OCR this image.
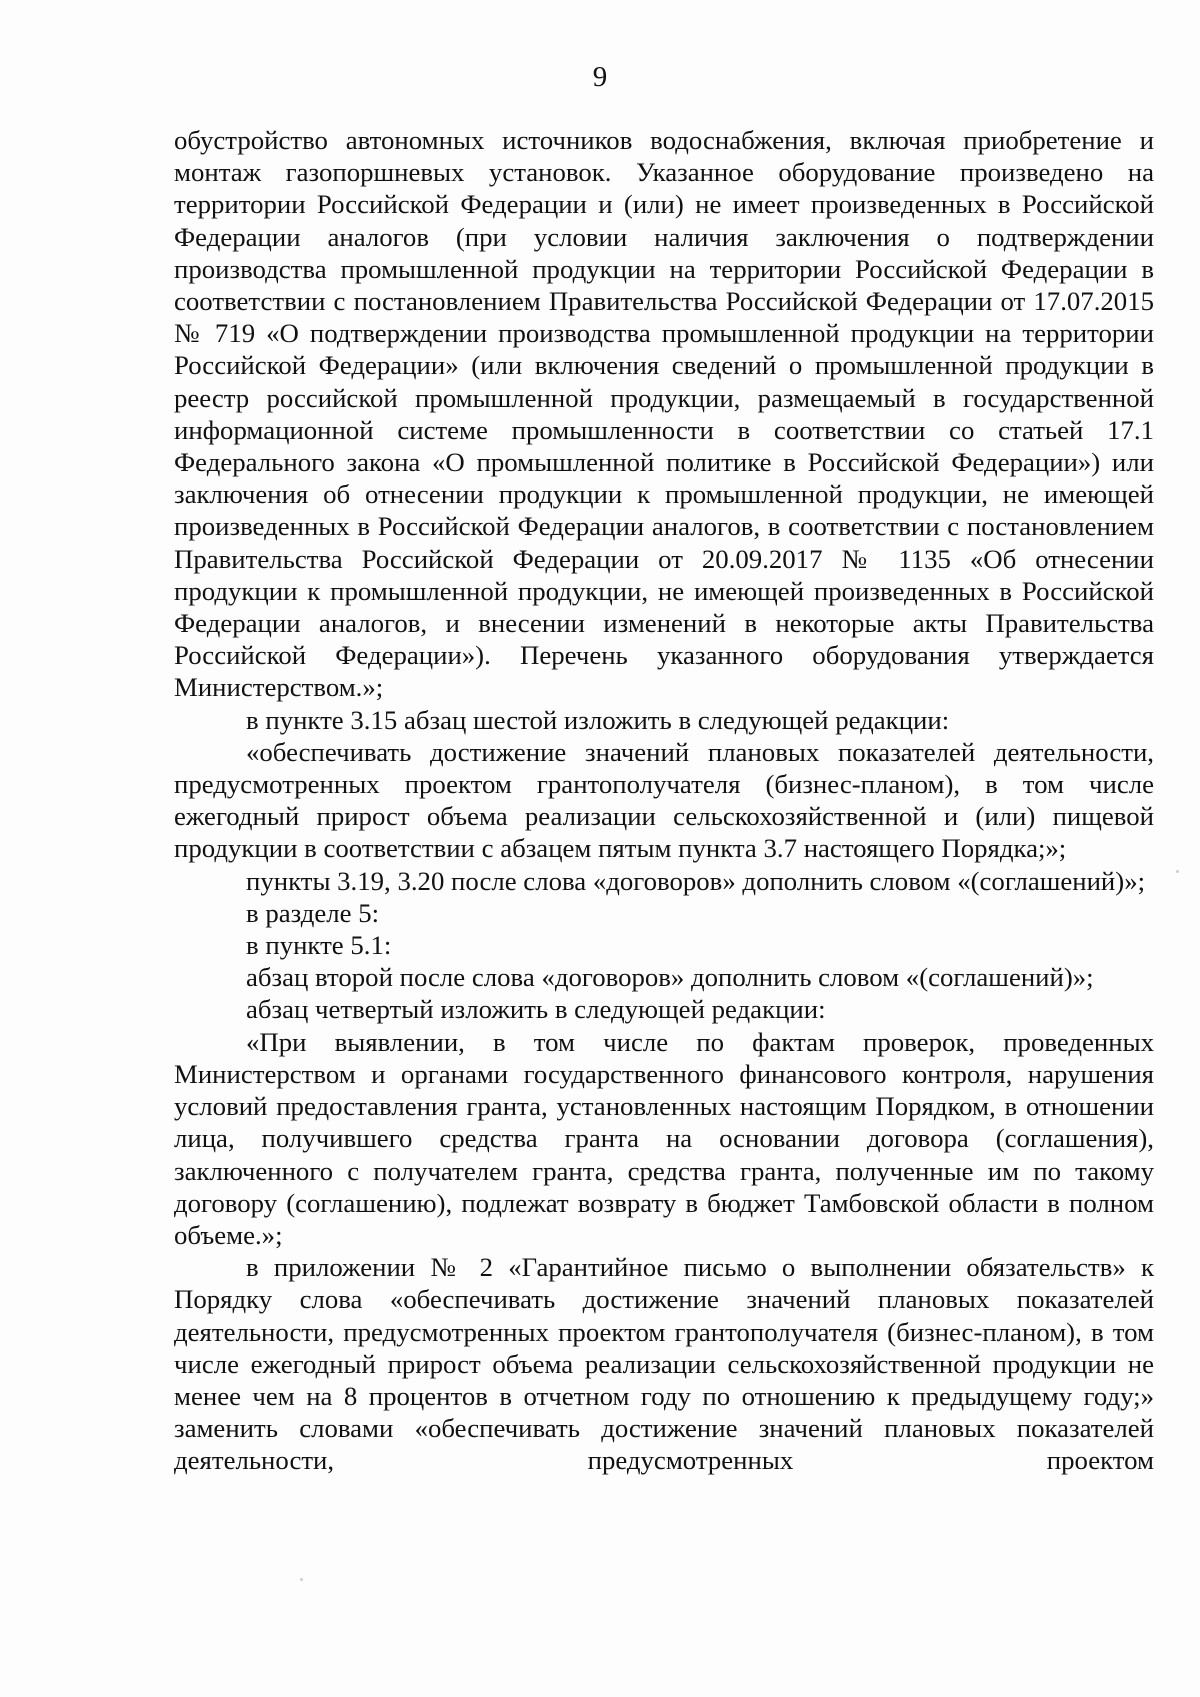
9

обустройство автономных источников водоснабжения, включая приобретение и монтаж газопоршневых установок. Указанное оборудование произведено на территории Российской Федерации и (или) не имеет произведенных в Российской Федерации аналогов (при условии наличия заключения о подтверждении производства промышленной продукции на территории Российской Федерации в соответствии с постановлением Правительства Российской Федерации от 17.07.2015 № 719 «О подтверждении производства промышленной продукции на территории Российской Федерации» (или включения сведений о промышленной продукции в реестр российской промышленной продукции, размещаемый в государственной информационной системе промышленности в соответствии со статьей 17.1 Федерального закона «О промышленной политике в Российской Федерации») или заключения об отнесении продукции к промышленной продукции, не имеющей произведенных в Российской Федерации аналогов, в соответствии с постановлением Правительства Российской Федерации от 20.09.2017 № 1135 «Об отнесении продукции к промышленной продукции, не имеющей произведенных в Российской Федерации аналогов, и внесении изменений в некоторые акты Правительства Российской Федерации»). Перечень указанного оборудования утверждается Министерством.»;

в пункте 3.15 абзац шестой изложить в следующей редакции:

«обеспечивать достижение значений плановых показателей деятельности, предусмотренных проектом грантополучателя (бизнес-планом), в том числе ежегодный прирост объема реализации сельскохозяйственной и (или) пищевой продукции в соответствии с абзацем пятым пункта 3.7 настоящего Порядка;»;

пункты 3.19, 3.20 после слова «договоров» дополнить словом «(соглашений)»;

в разделе 5:

в пункте 5.1:

абзац второй после слова «договоров» дополнить словом «(соглашений)»;

абзац четвертый изложить в следующей редакции:

«При выявлении, в том числе по фактам проверок, проведенных Министерством и органами государственного финансового контроля, нарушения условий предоставления гранта, установленных настоящим Порядком, в отношении лица, получившего средства гранта на основании договора (соглашения), заключенного с получателем гранта, средства гранта, полученные им по такому договору (соглашению), подлежат возврату в бюджет Тамбовской области в полном объеме.»;

в приложении № 2 «Гарантийное письмо о выполнении обязательств» к Порядку слова «обеспечивать достижение значений плановых показателей деятельности, предусмотренных проектом грантополучателя (бизнес-планом), в том числе ежегодный прирост объема реализации сельскохозяйственной продукции не менее чем на 8 процентов в отчетном году по отношению к предыдущему году;» заменить словами «обеспечивать достижение значений плановых показателей деятельности, предусмотренных проектом
